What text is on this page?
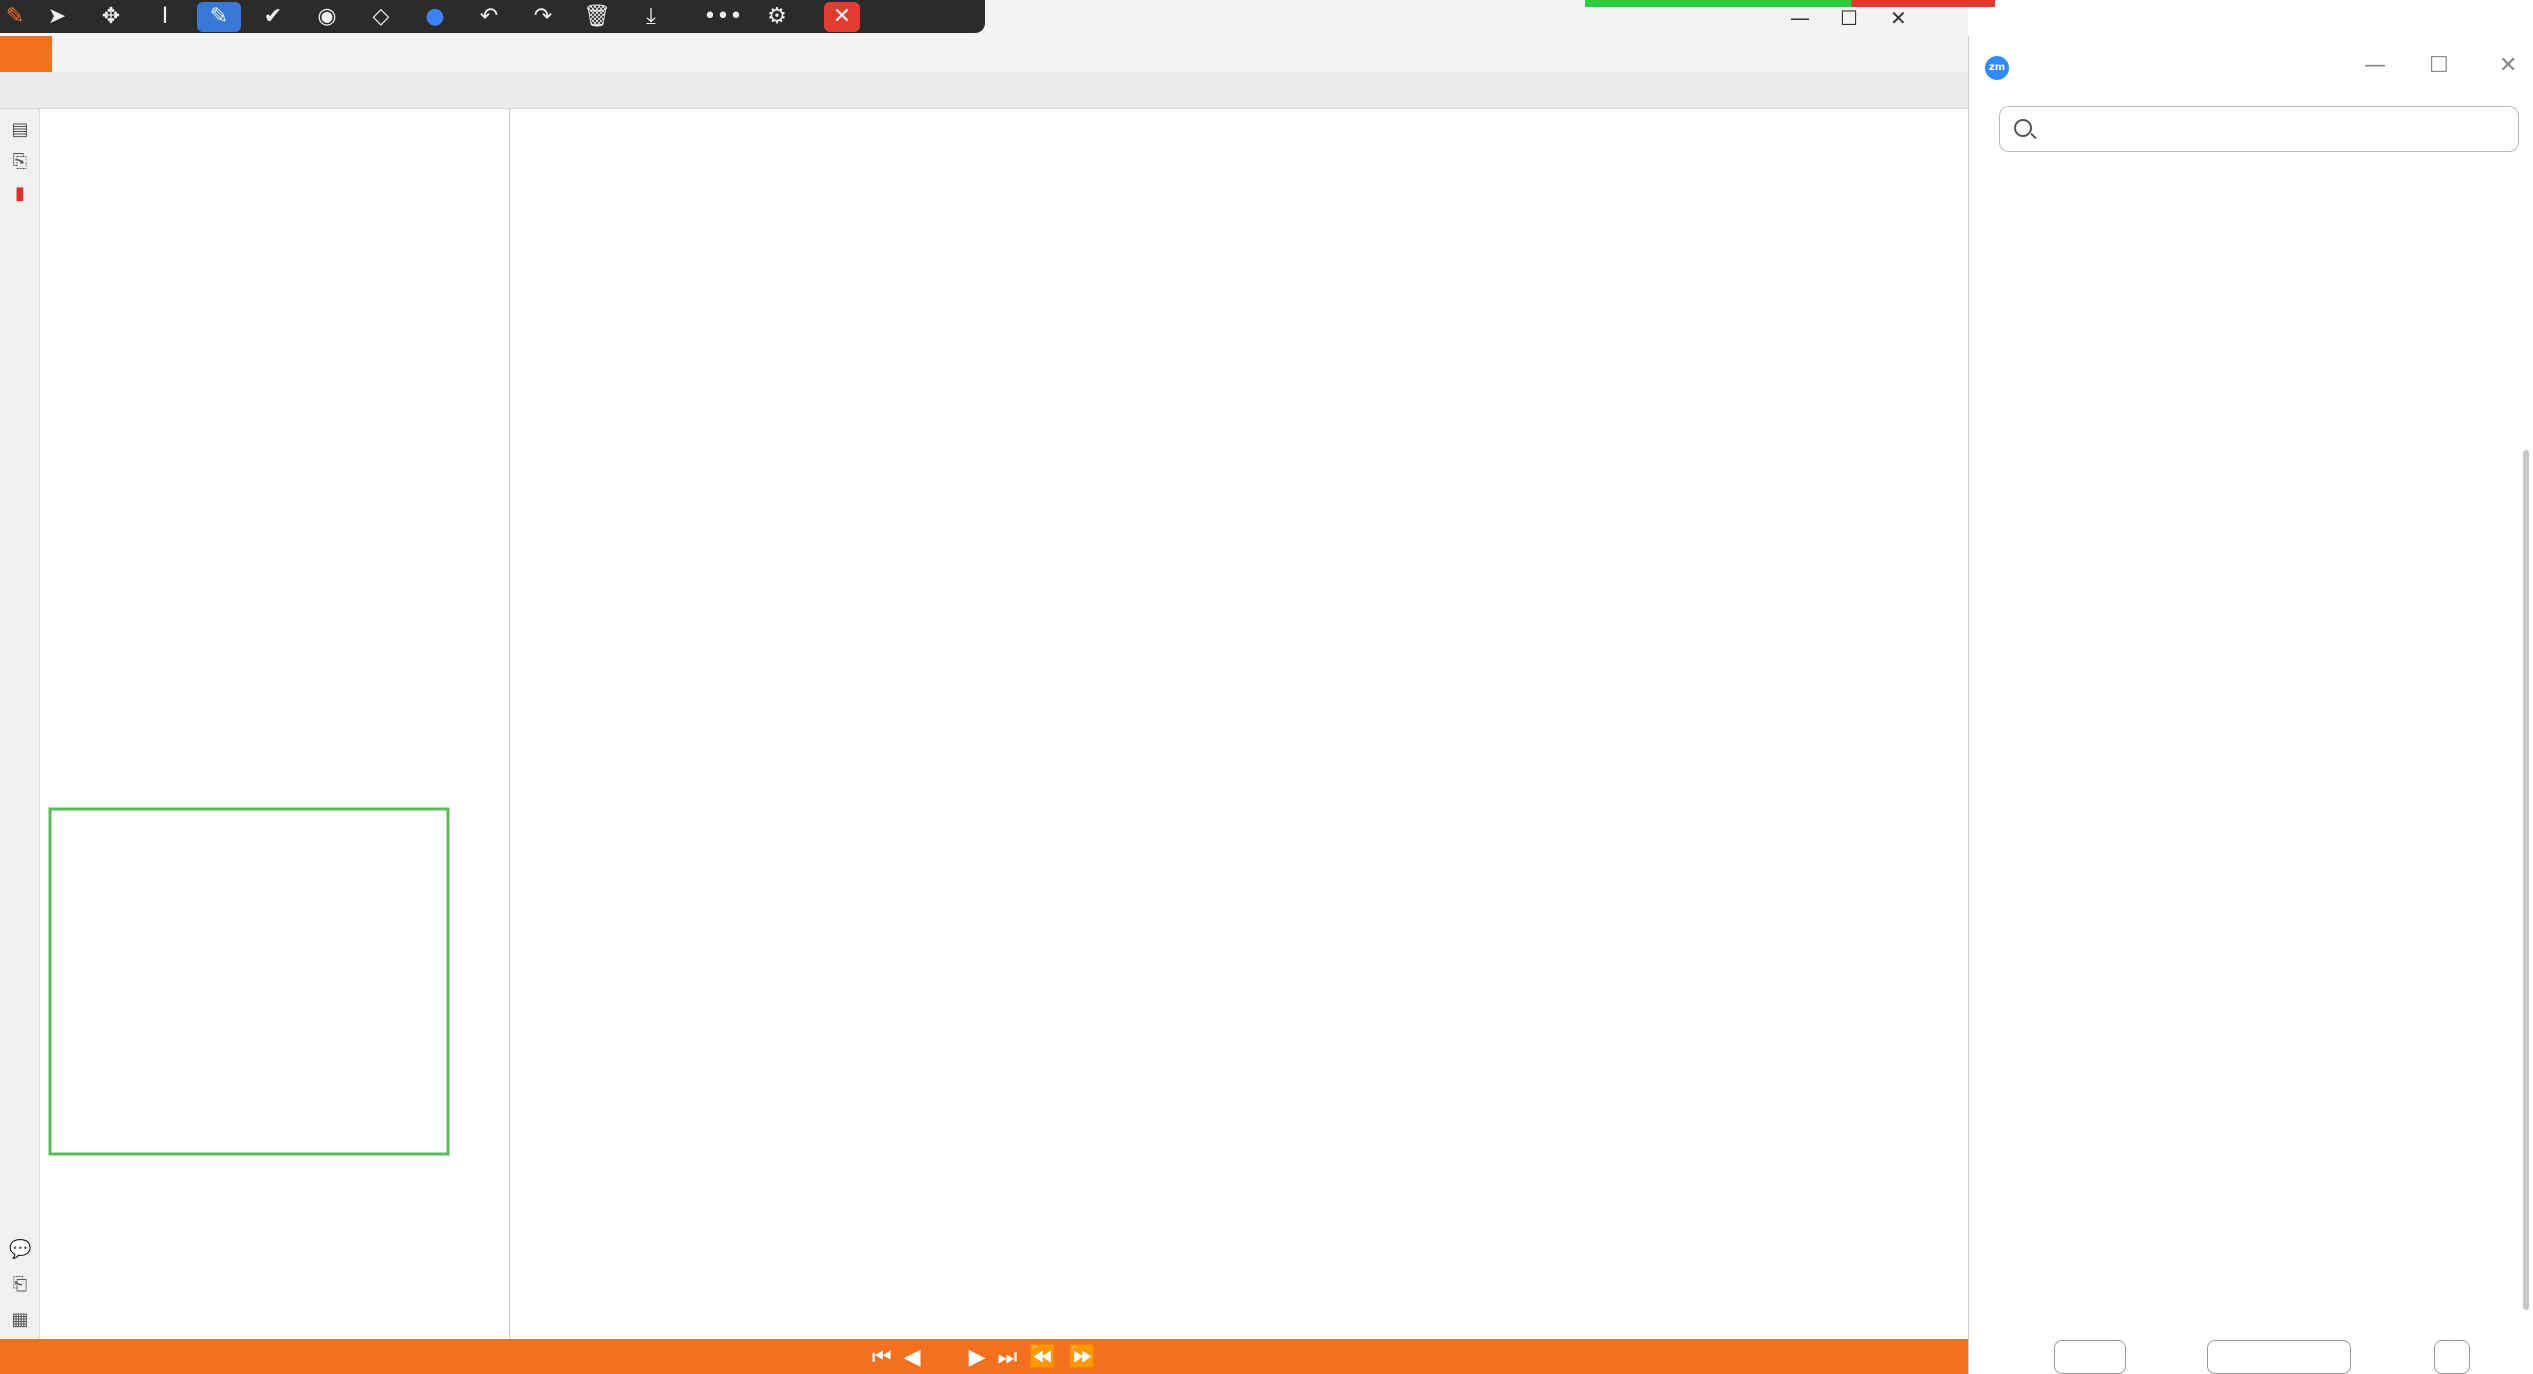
✎	➤	✥	Ⅰ	✎	✔	◉	◇	●	↶	↷	🗑	⤓	•••	⚙	✕	— ☐ ✕
▤
⎘
▮
💬
⎗
▦
⏮ ◀ ▶ ⏭ ⏪ ⏩
zm	— ☐ ✕
